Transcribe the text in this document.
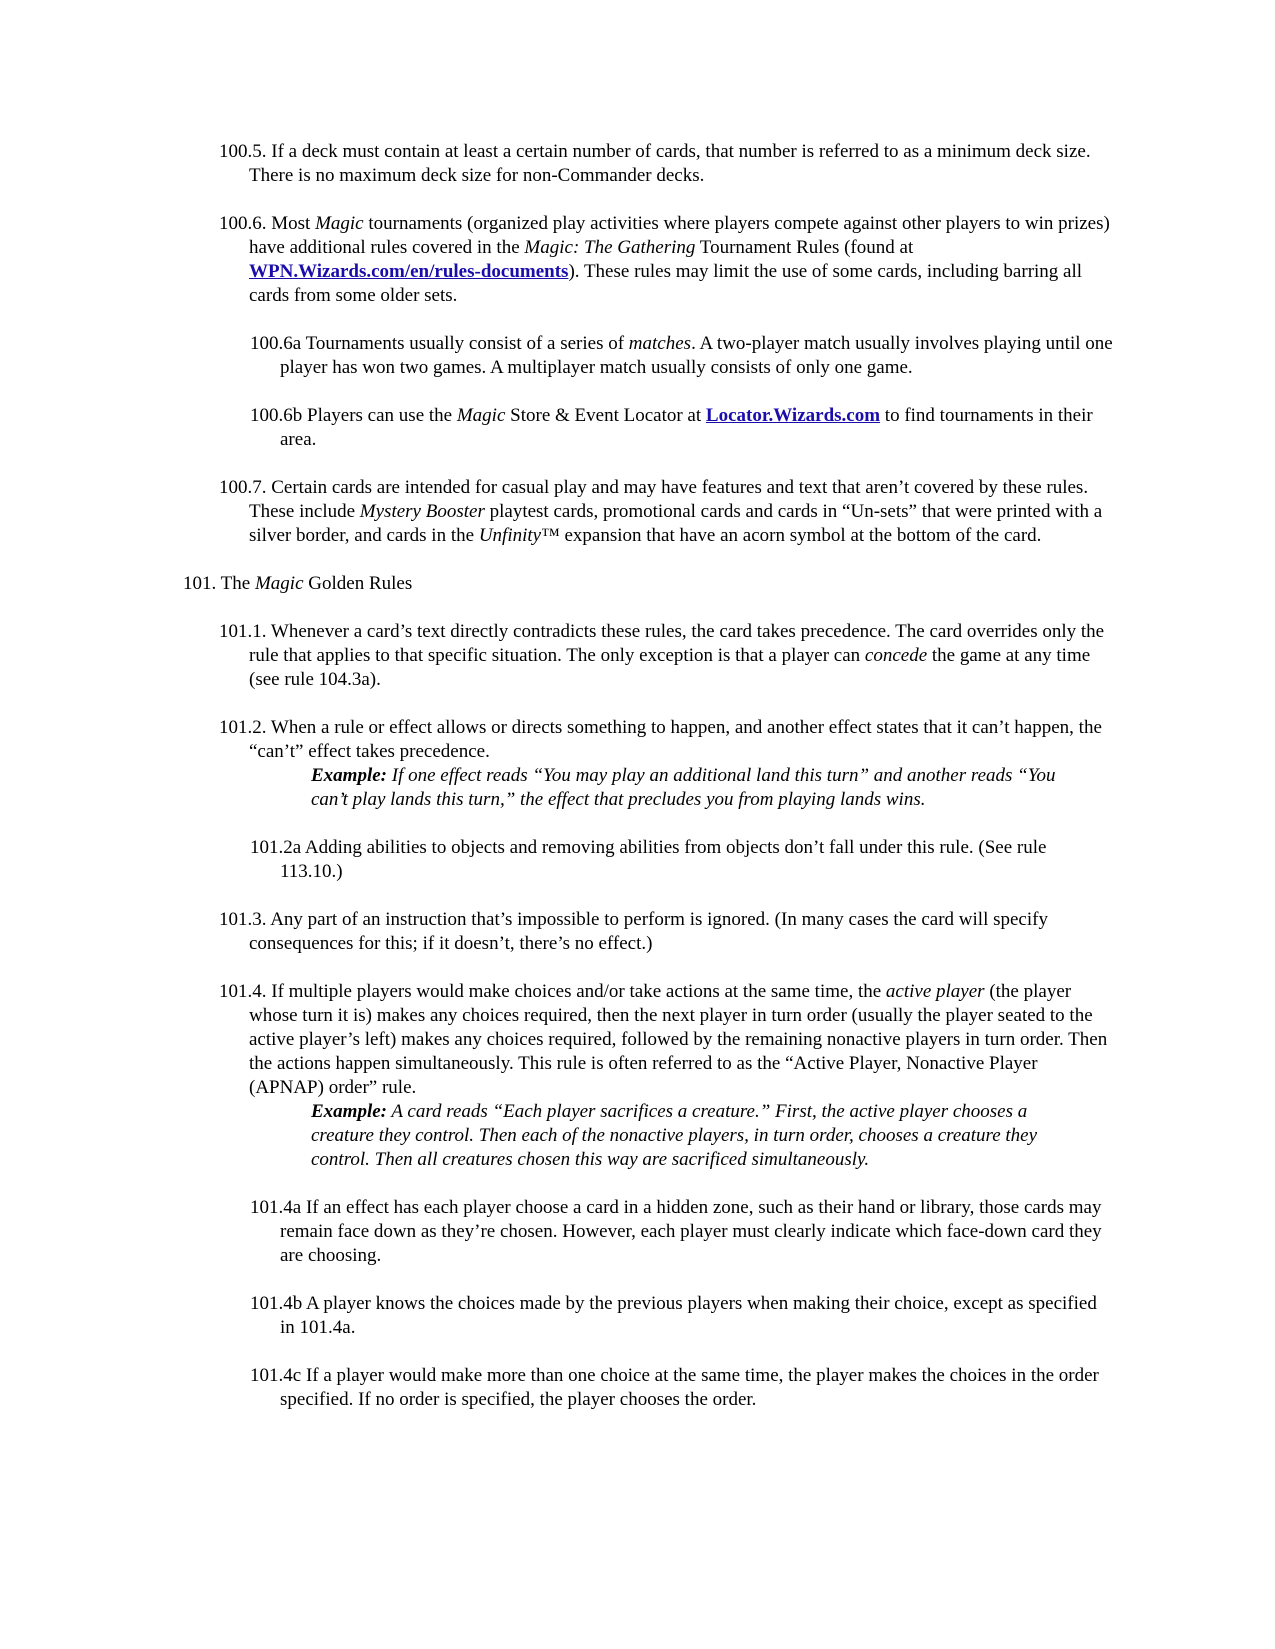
100.5. If a deck must contain at least a certain number of cards, that number is referred to as a minimum deck size. There is no maximum deck size for non-Commander decks.

100.6. Most Magic tournaments (organized play activities where players compete against other players to win prizes) have additional rules covered in the Magic: The Gathering Tournament Rules (found at WPN.Wizards.com/en/rules-documents). These rules may limit the use of some cards, including barring all cards from some older sets.

100.6a Tournaments usually consist of a series of matches. A two-player match usually involves playing until one player has won two games. A multiplayer match usually consists of only one game.

100.6b Players can use the Magic Store & Event Locator at Locator.Wizards.com to find tournaments in their area.

100.7. Certain cards are intended for casual play and may have features and text that aren’t covered by these rules. These include Mystery Booster playtest cards, promotional cards and cards in “Un-sets” that were printed with a silver border, and cards in the Unfinity™ expansion that have an acorn symbol at the bottom of the card.

101. The Magic Golden Rules

101.1. Whenever a card’s text directly contradicts these rules, the card takes precedence. The card overrides only the rule that applies to that specific situation. The only exception is that a player can concede the game at any time (see rule 104.3a).

101.2. When a rule or effect allows or directs something to happen, and another effect states that it can’t happen, the “can’t” effect takes precedence.

Example: If one effect reads “You may play an additional land this turn” and another reads “You can’t play lands this turn,” the effect that precludes you from playing lands wins.

101.2a Adding abilities to objects and removing abilities from objects don’t fall under this rule. (See rule 113.10.)

101.3. Any part of an instruction that’s impossible to perform is ignored. (In many cases the card will specify consequences for this; if it doesn’t, there’s no effect.)

101.4. If multiple players would make choices and/or take actions at the same time, the active player (the player whose turn it is) makes any choices required, then the next player in turn order (usually the player seated to the active player’s left) makes any choices required, followed by the remaining nonactive players in turn order. Then the actions happen simultaneously. This rule is often referred to as the “Active Player, Nonactive Player (APNAP) order” rule.

Example: A card reads “Each player sacrifices a creature.” First, the active player chooses a creature they control. Then each of the nonactive players, in turn order, chooses a creature they control. Then all creatures chosen this way are sacrificed simultaneously.

101.4a If an effect has each player choose a card in a hidden zone, such as their hand or library, those cards may remain face down as they’re chosen. However, each player must clearly indicate which face-down card they are choosing.

101.4b A player knows the choices made by the previous players when making their choice, except as specified in 101.4a.

101.4c If a player would make more than one choice at the same time, the player makes the choices in the order specified. If no order is specified, the player chooses the order.
